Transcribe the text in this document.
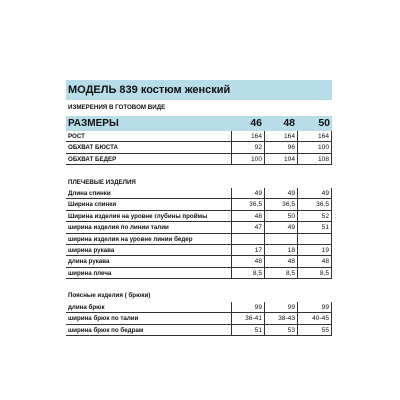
МОДЕЛЬ 839 костюм женский
ИЗМЕРЕНИЯ В ГОТОВОМ ВИДЕ
РАЗМЕРЫ	46	48	50
РОСТ	164	164	164
ОБХВАТ БЮСТА	92	96	100
ОБХВАТ БЕДЕР	100	104	108
ПЛЕЧЕВЫЕ ИЗДЕЛИЯ
Длина спинки	49	49	49
Ширина спинки	36,5	36,5	36,5
Ширина изделия на уровне глубины проймы	48	50	52
ширина изделия по линии талии	47	49	51
ширина изделия на уровне линии бедер
ширина рукава	17	18	19
длина рукава	48	48	48
ширина плеча	8,5	8,5	8,5
Поясные изделия ( брюки)
длина брюк	99	99	99
ширина брюк по талии	36-41	38-43	40-45
ширина брюк по бедрам	51	53	55
